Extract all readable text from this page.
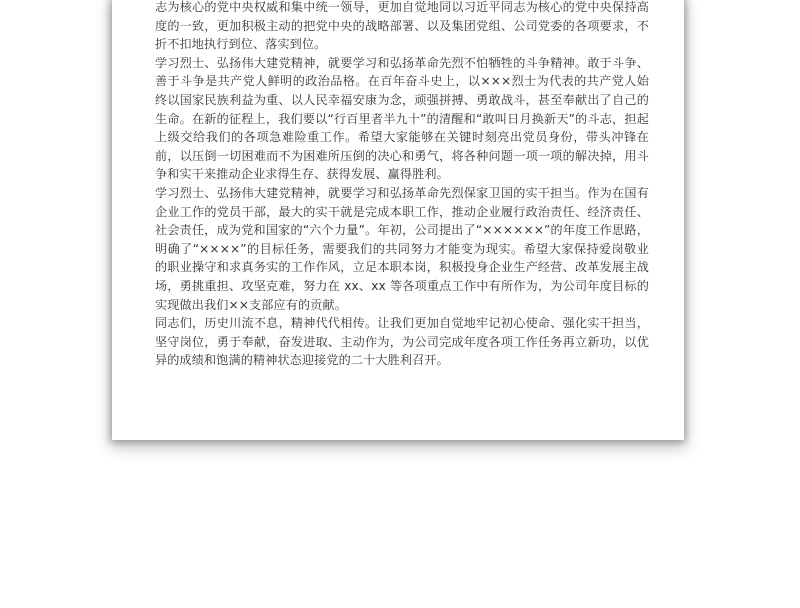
志为核心的党中央权威和集中统一领导，更加自觉地同以习近平同志为核心的党中央保持高度的一致，更加积极主动的把党中央的战略部署、以及集团党组、公司党委的各项要求，不折不扣地执行到位、落实到位。

学习烈士、弘扬伟大建党精神，就要学习和弘扬革命先烈不怕牺牲的斗争精神。敢于斗争、善于斗争是共产党人鲜明的政治品格。在百年奋斗史上，以×××烈士为代表的共产党人始终以国家民族利益为重、以人民幸福安康为念，顽强拼搏、勇敢战斗，甚至奉献出了自己的生命。在新的征程上，我们要以“行百里者半九十”的清醒和“敢叫日月换新天”的斗志，担起上级交给我们的各项急难险重工作。希望大家能够在关键时刻亮出党员身份，带头冲锋在前，以压倒一切困难而不为困难所压倒的决心和勇气，将各种问题一项一项的解决掉，用斗争和实干来推动企业求得生存、获得发展、赢得胜利。

学习烈士、弘扬伟大建党精神，就要学习和弘扬革命先烈保家卫国的实干担当。作为在国有企业工作的党员干部，最大的实干就是完成本职工作，推动企业履行政治责任、经济责任、社会责任，成为党和国家的“六个力量”。年初，公司提出了“××××××”的年度工作思路，明确了“××××”的目标任务，需要我们的共同努力才能变为现实。希望大家保持爱岗敬业的职业操守和求真务实的工作作风，立足本职本岗，积极投身企业生产经营、改革发展主战场，勇挑重担、攻坚克难，努力在 xx、xx 等各项重点工作中有所作为，为公司年度目标的实现做出我们××支部应有的贡献。

同志们，历史川流不息，精神代代相传。让我们更加自觉地牢记初心使命、强化实干担当，坚守岗位，勇于奉献，奋发进取、主动作为，为公司完成年度各项工作任务再立新功，以优异的成绩和饱满的精神状态迎接党的二十大胜利召开。
